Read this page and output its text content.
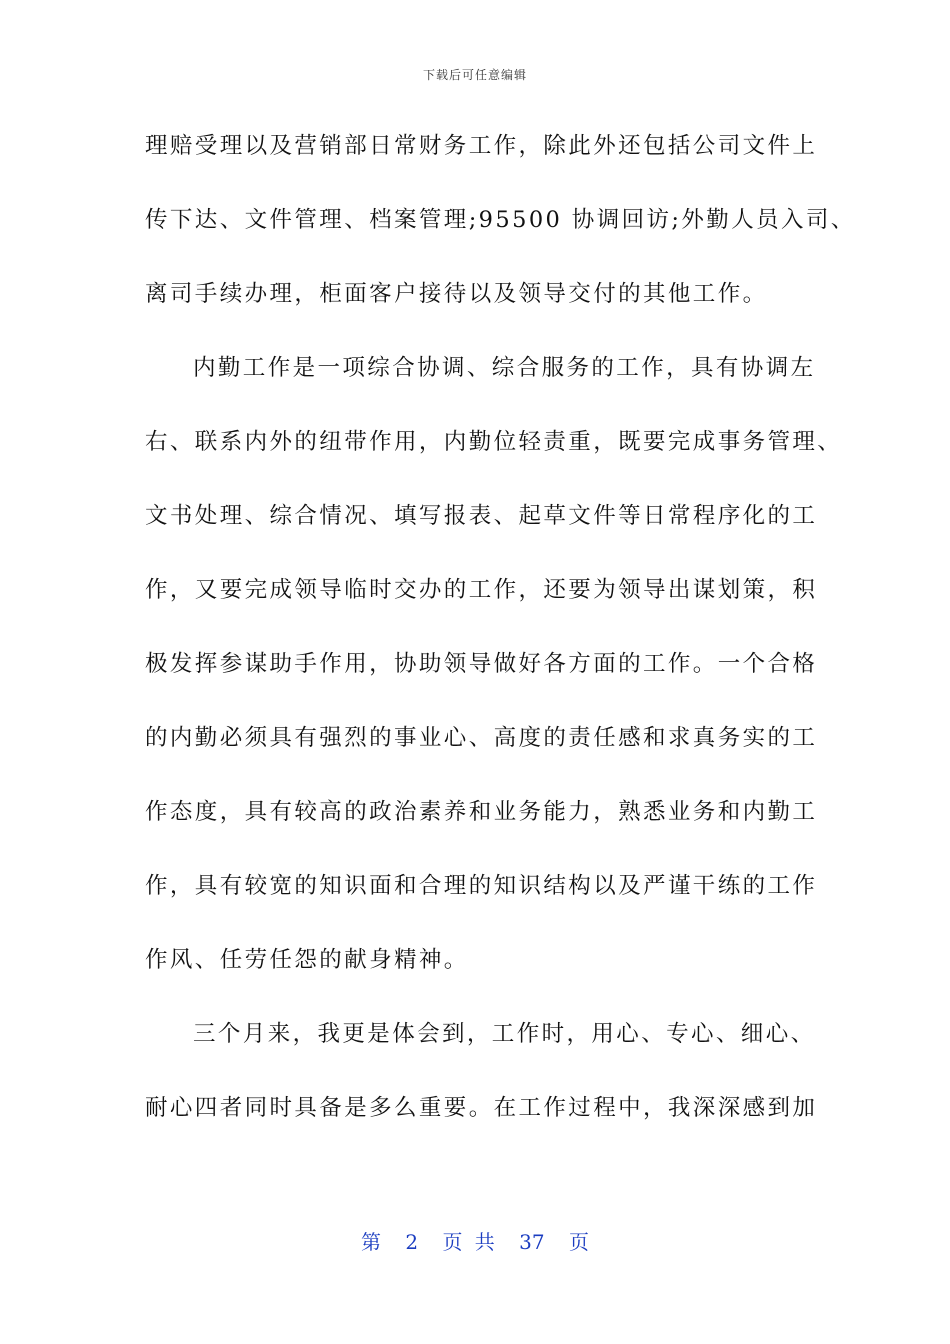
下载后可任意编辑
理赔受理以及营销部日常财务工作，除此外还包括公司文件上
传下达、文件管理、档案管理;95500 协调回访;外勤人员入司、
离司手续办理，柜面客户接待以及领导交付的其他工作。
内勤工作是一项综合协调、综合服务的工作，具有协调左
右、联系内外的纽带作用，内勤位轻责重，既要完成事务管理、
文书处理、综合情况、填写报表、起草文件等日常程序化的工
作，又要完成领导临时交办的工作，还要为领导出谋划策，积
极发挥参谋助手作用，协助领导做好各方面的工作。一个合格
的内勤必须具有强烈的事业心、高度的责任感和求真务实的工
作态度，具有较高的政治素养和业务能力，熟悉业务和内勤工
作，具有较宽的知识面和合理的知识结构以及严谨干练的工作
作风、任劳任怨的献身精神。
三个月来，我更是体会到，工作时，用心、专心、细心、
耐心四者同时具备是多么重要。在工作过程中，我深深感到加
第 2 页 共 37 页
